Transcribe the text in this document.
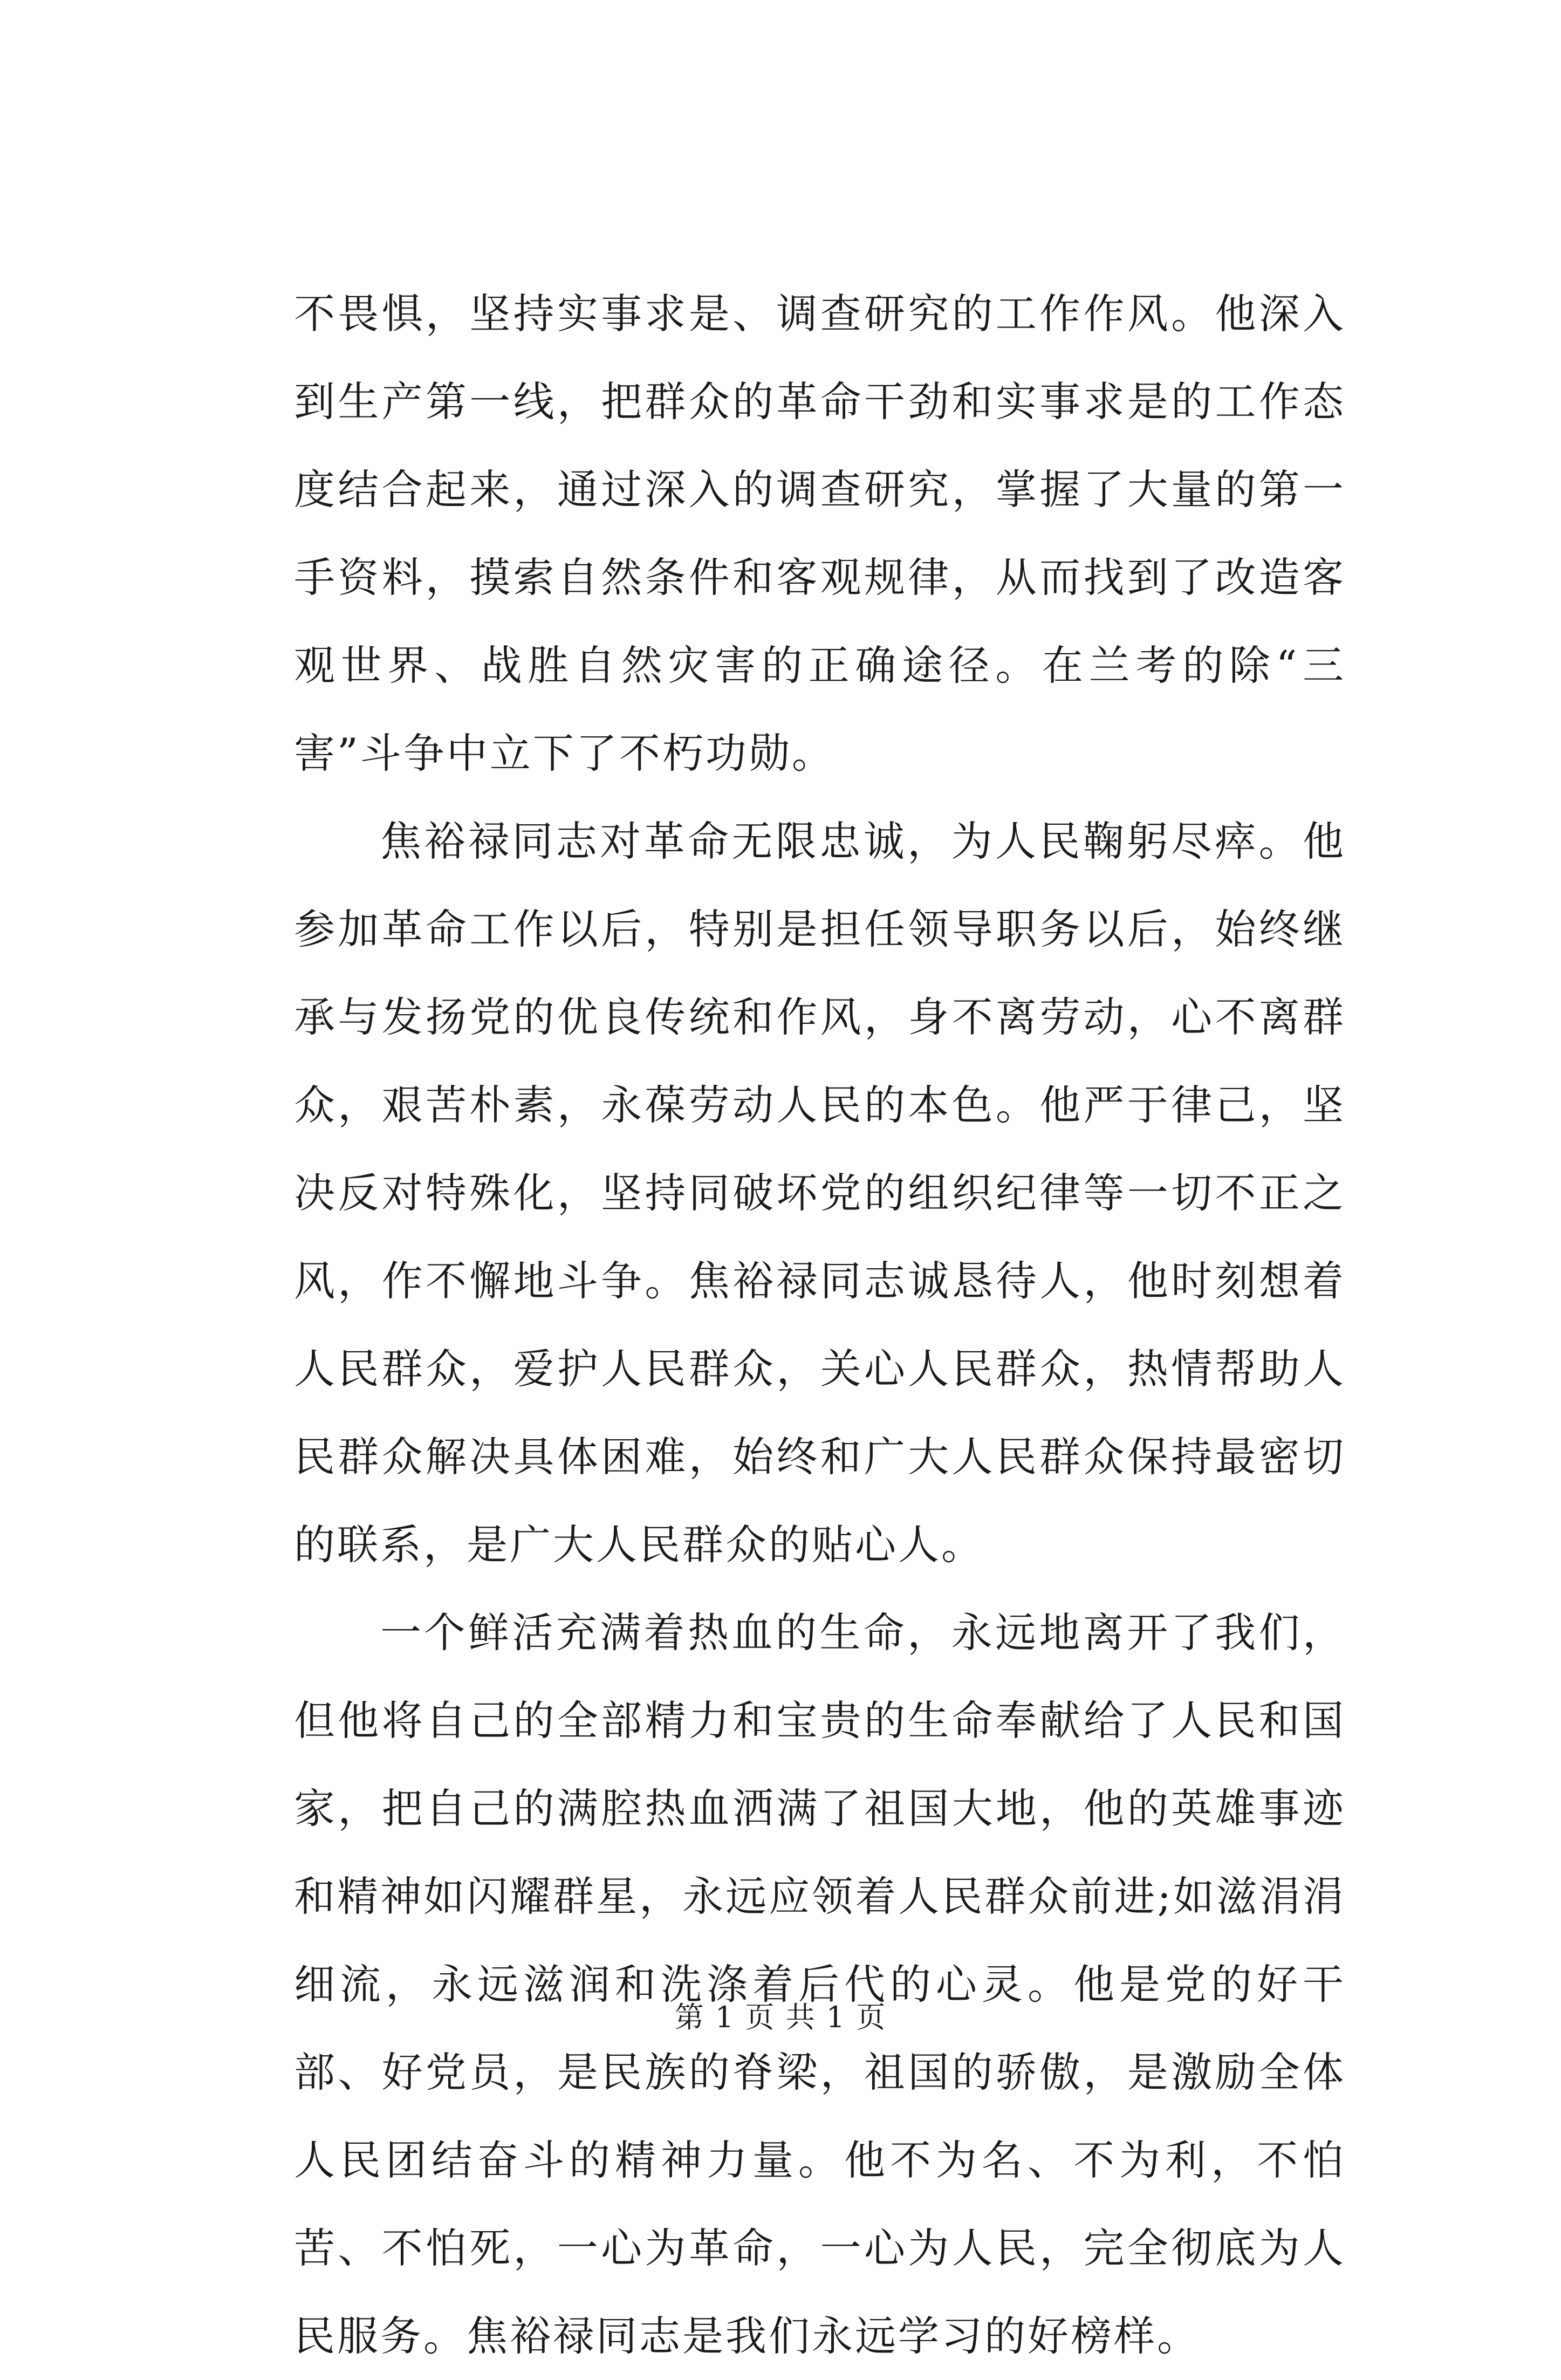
不畏惧，坚持实事求是、调查研究的工作作风。他深入到生产第一线，把群众的革命干劲和实事求是的工作态度结合起来，通过深入的调查研究，掌握了大量的第一手资料，摸索自然条件和客观规律，从而找到了改造客观世界、战胜自然灾害的正确途径。在兰考的除“三害”斗争中立下了不朽功勋。

焦裕禄同志对革命无限忠诚，为人民鞠躬尽瘁。他参加革命工作以后，特别是担任领导职务以后，始终继承与发扬党的优良传统和作风，身不离劳动，心不离群众，艰苦朴素，永葆劳动人民的本色。他严于律己，坚决反对特殊化，坚持同破坏党的组织纪律等一切不正之风，作不懈地斗争。焦裕禄同志诚恳待人，他时刻想着人民群众，爱护人民群众，关心人民群众，热情帮助人民群众解决具体困难，始终和广大人民群众保持最密切的联系，是广大人民群众的贴心人。

一个鲜活充满着热血的生命，永远地离开了我们，但他将自己的全部精力和宝贵的生命奉献给了人民和国家，把自己的满腔热血洒满了祖国大地，他的英雄事迹和精神如闪耀群星，永远应领着人民群众前进;如滋涓涓细流，永远滋润和洗涤着后代的心灵。他是党的好干部、好党员，是民族的脊梁，祖国的骄傲，是激励全体人民团结奋斗的精神力量。他不为名、不为利，不怕苦、不怕死，一心为革命，一心为人民，完全彻底为人民服务。焦裕禄同志是我们永远学习的好榜样。

第 1 页 共 1 页
